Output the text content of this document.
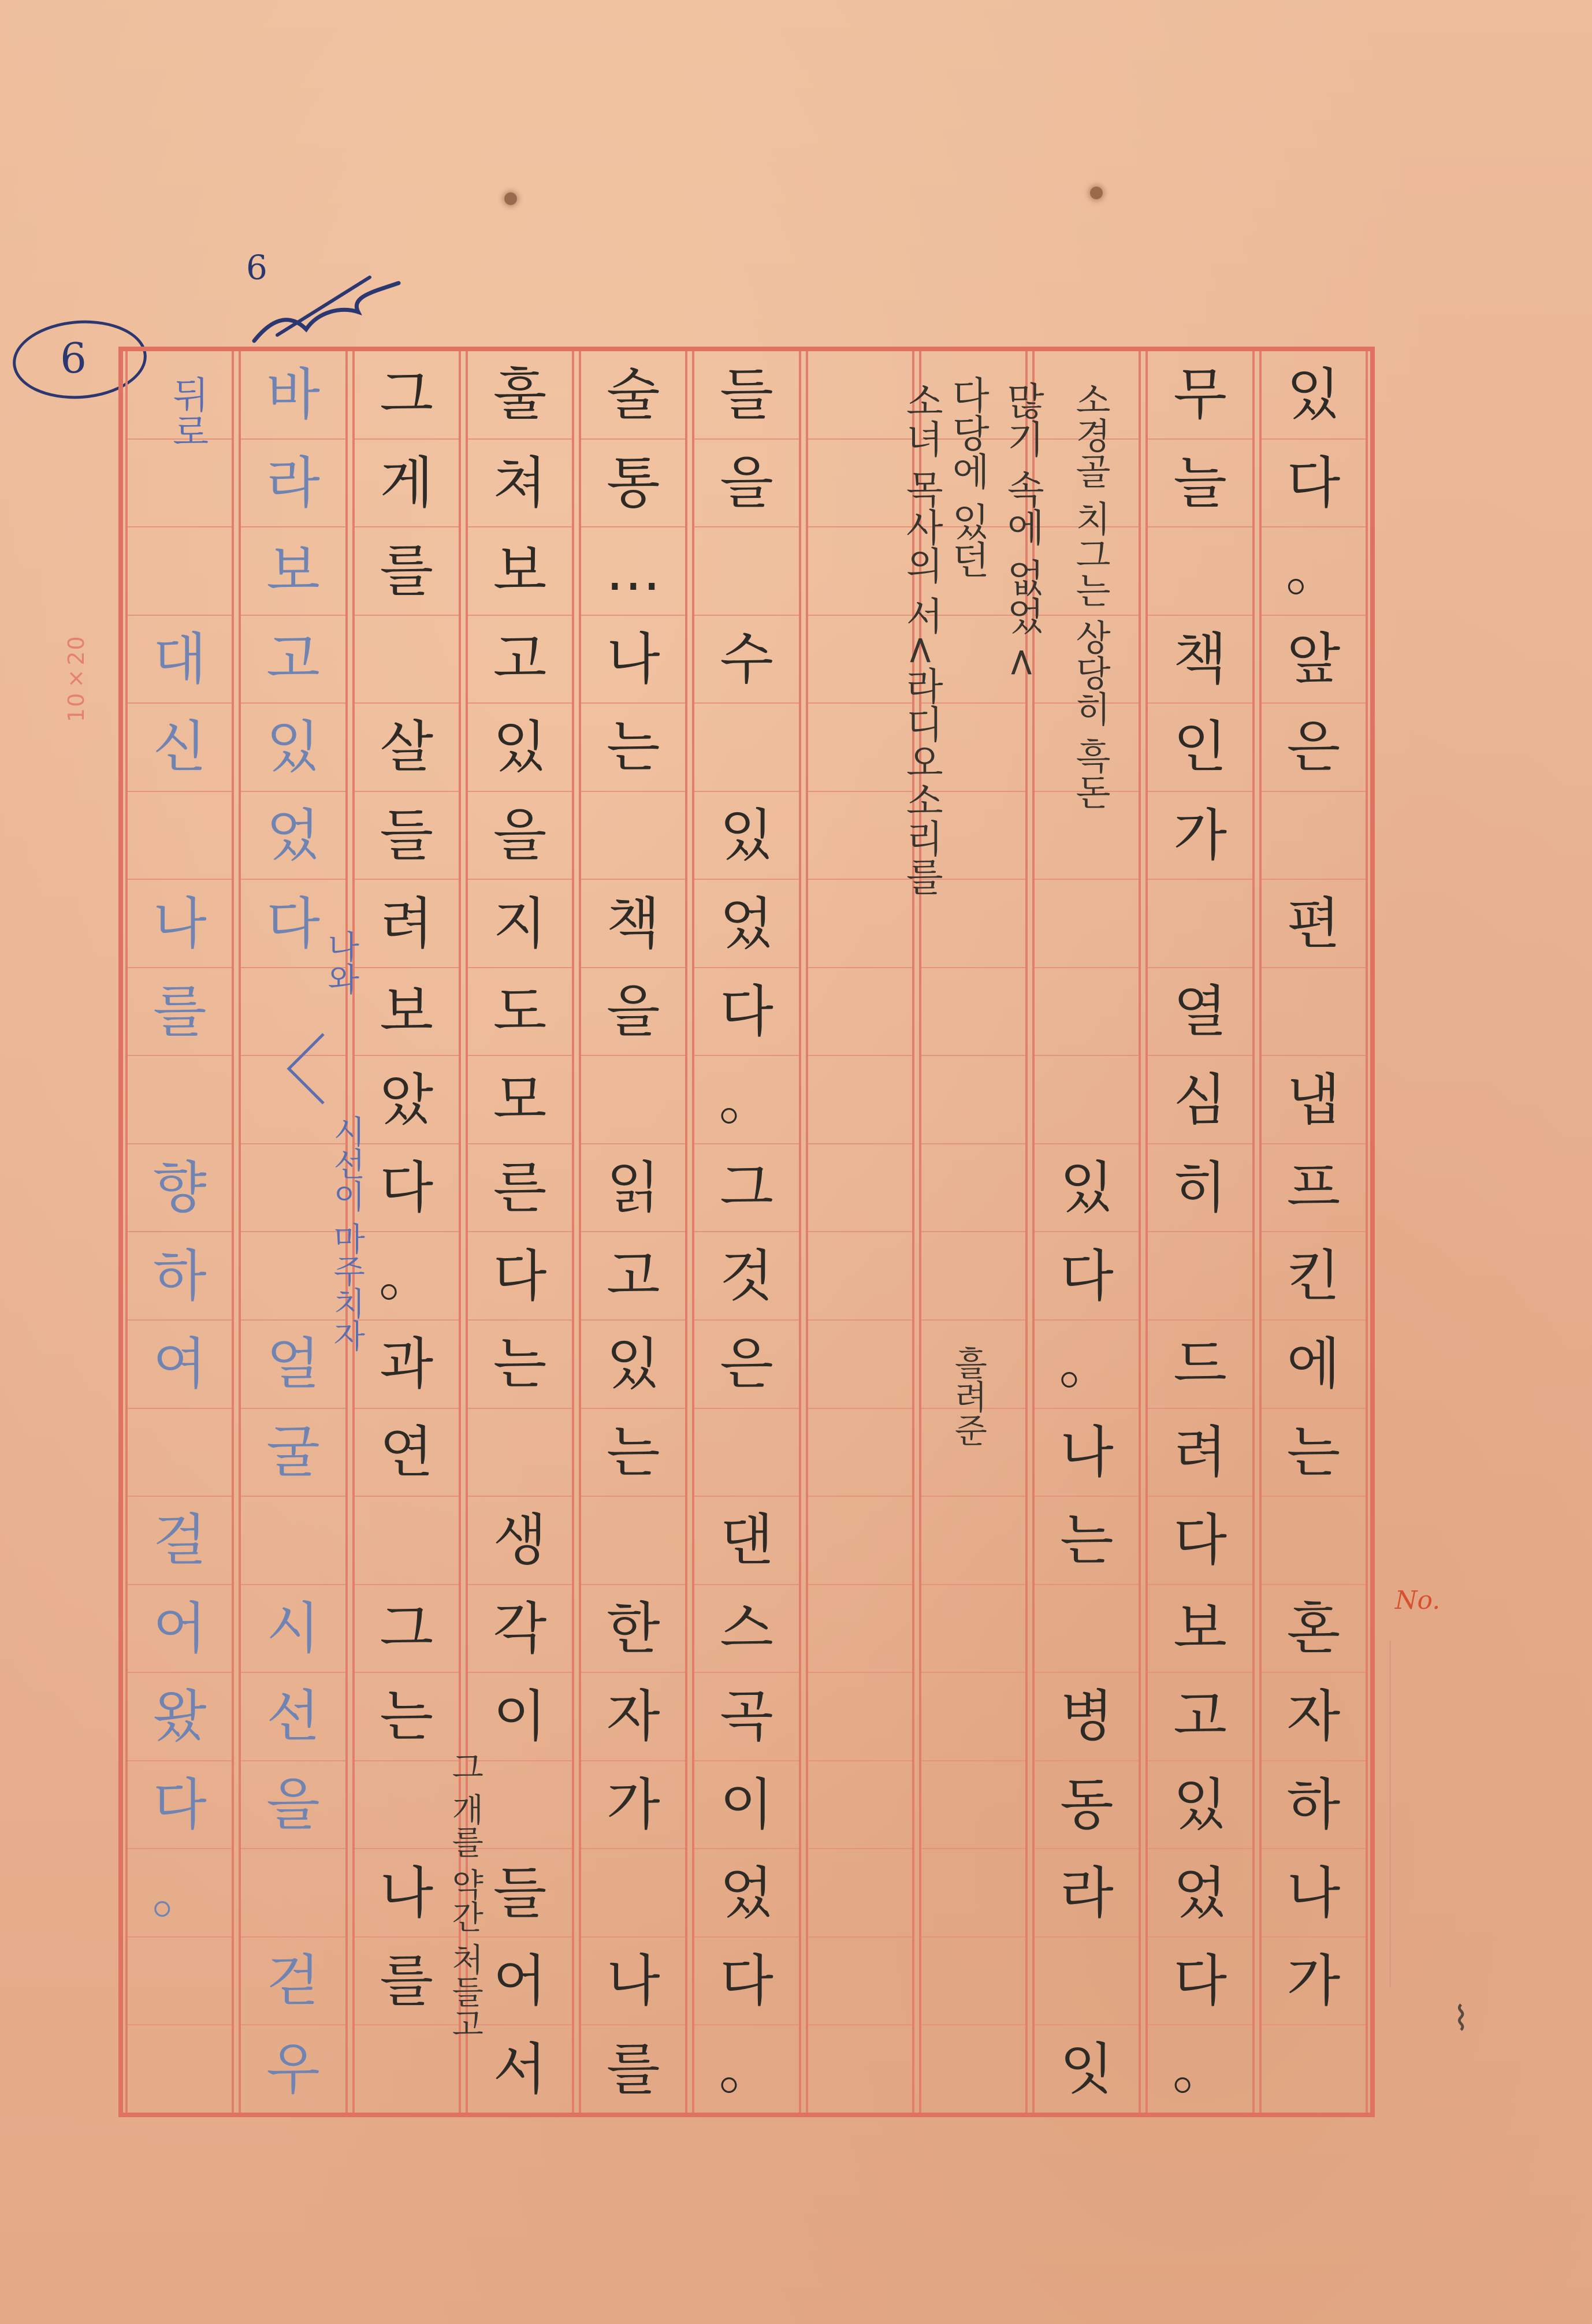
6
6
10×20
있
다
。
앞
은
편
냅
프
킨
에
는
혼
자
하
나
가
무
늘
책
인
가
열
심
히
드
려
다
보
고
있
었
다
。
있
다
。
나
는
병
동
라
잇
들
을
수
있
었
다
。
그
것
은
댄
스
곡
이
었
다
。
술
통
…
나
는
책
을
읽
고
있
는
한
자
가
나
를
훌
쳐
보
고
있
을
지
도
모
른
다
는
생
각
이
들
어
서
그
게
를
살
들
려
보
았
다
。
과
연
그
는
나
를
바
라
보
고
있
었
다
얼
굴
시
선
을
걷
우
대
신
나
를
향
하
여
걸
어
왔
다
。
소경골 치그는 상당히 흑돈
많기 속에 없었 <
소녀 목사의 서<라디오소리를 다당에 있던
흘려준
나와
시선이 마주치자
그 개를 약간 처들고
뒤로
No.
⌇
